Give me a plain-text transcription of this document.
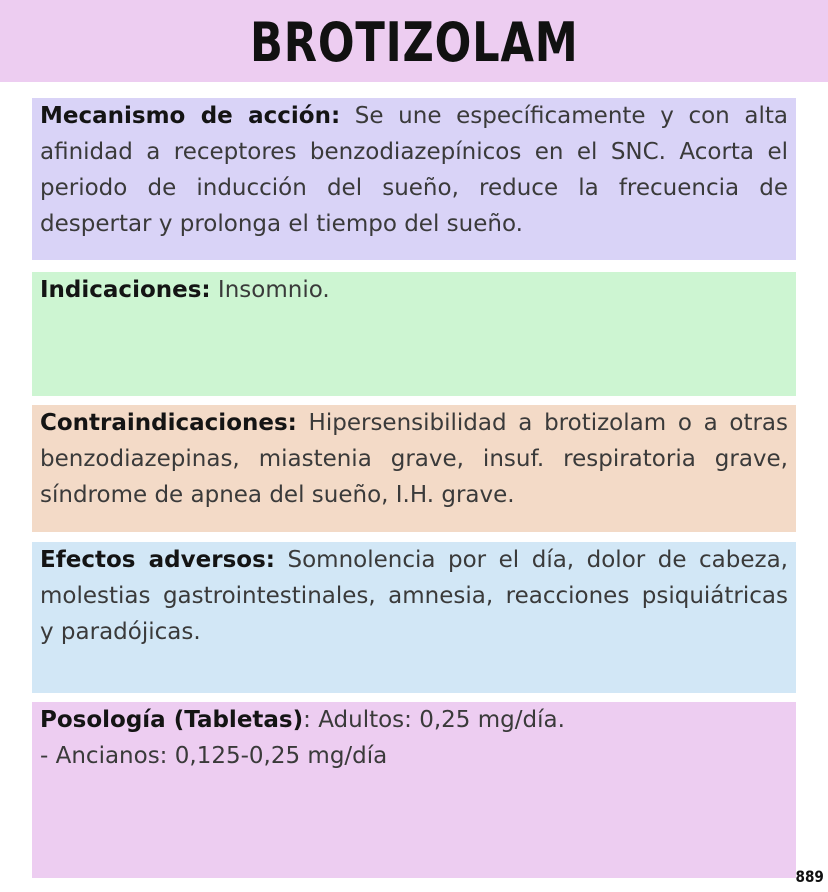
BROTIZOLAM

Mecanismo de acción: Se une específicamente y con alta afinidad a receptores benzodiazepínicos en el SNC. Acorta el periodo de inducción del sueño, reduce la frecuencia de despertar y prolonga el tiempo del sueño.

Indicaciones: Insomnio.

Contraindicaciones: Hipersensibilidad a brotizolam o a otras benzodiazepinas, miastenia grave, insuf. respiratoria grave, síndrome de apnea del sueño, I.H. grave.

Efectos adversos: Somnolencia por el día, dolor de cabeza, molestias gastrointestinales, amnesia, reacciones psiquiátricas y paradójicas.

Posología (Tabletas): Adultos: 0,25 mg/día.

- Ancianos: 0,125-0,25 mg/día

889
